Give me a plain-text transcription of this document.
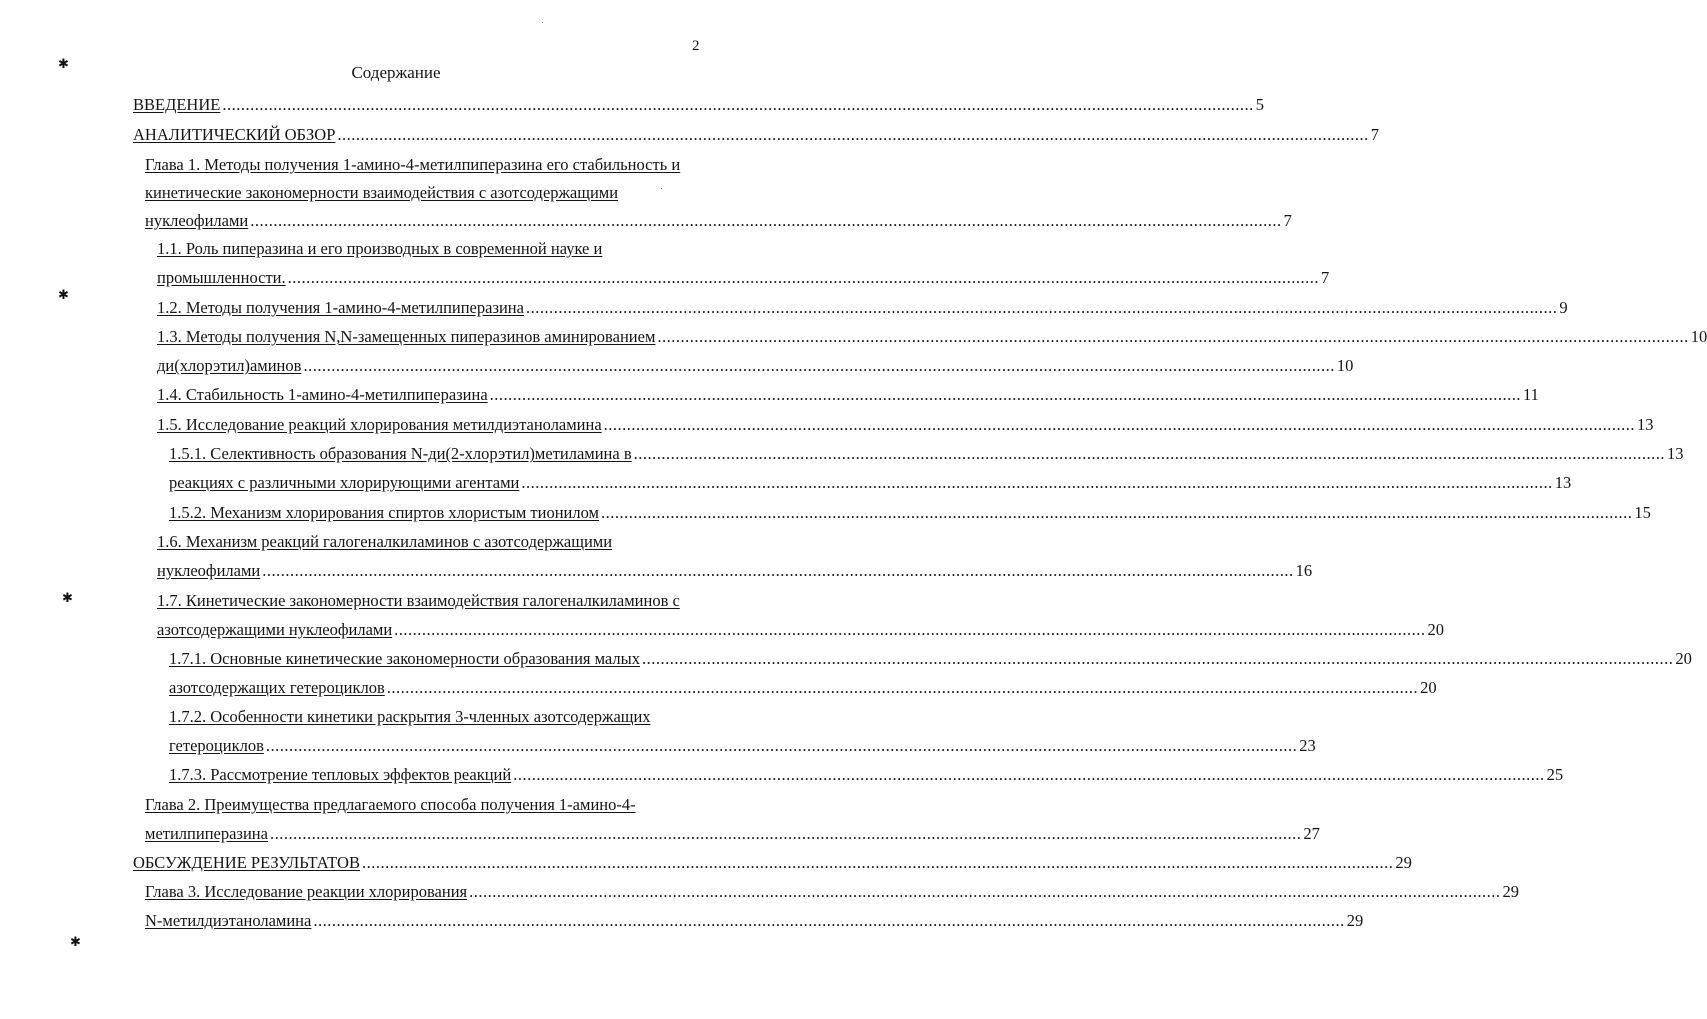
2
Содержание
ВВЕДЕНИЕ ............................................................................................................................................................................................................................... 5
АНАЛИТИЧЕСКИЙ ОБЗОР ............................................................................................................................................................................................................................... 7
Глава 1. Методы получения 1-амино-4-метилпиперазина его стабильность и
кинетические закономерности взаимодействия с азотсодержащими
нуклеофилами ............................................................................................................................................................................................................................... 7
1.1. Роль пиперазина и его производных в современной науке и
промышленности. ............................................................................................................................................................................................................................... 7
1.2. Методы получения 1-амино-4-метилпиперазина ............................................................................................................................................................................................................................... 9
1.3. Методы получения N,N-замещенных пиперазинов аминированием ............................................................................................................................................................................................................................... 10
ди(хлорэтил)аминов ............................................................................................................................................................................................................................... 10
1.4. Стабильность 1-амино-4-метилпиперазина ............................................................................................................................................................................................................................... 11
1.5. Исследование реакций хлорирования метилдиэтаноламина ............................................................................................................................................................................................................................... 13
1.5.1. Селективность образования N-ди(2-хлорэтил)метиламина в ............................................................................................................................................................................................................................... 13
реакциях с различными хлорирующими агентами ............................................................................................................................................................................................................................... 13
1.5.2. Механизм хлорирования спиртов хлористым тионилом ............................................................................................................................................................................................................................... 15
1.6. Механизм реакций галогеналкиламинов с азотсодержащими
нуклеофилами ............................................................................................................................................................................................................................... 16
1.7. Кинетические закономерности взаимодействия галогеналкиламинов с
азотсодержащими нуклеофилами ............................................................................................................................................................................................................................... 20
1.7.1. Основные кинетические закономерности образования малых ............................................................................................................................................................................................................................... 20
азотсодержащих гетероциклов ............................................................................................................................................................................................................................... 20
1.7.2. Особенности кинетики раскрытия 3-членных азотсодержащих
гетероциклов ............................................................................................................................................................................................................................... 23
1.7.3. Рассмотрение тепловых эффектов реакций ............................................................................................................................................................................................................................... 25
Глава 2. Преимущества предлагаемого способа получения 1-амино-4-
метилпиперазина ............................................................................................................................................................................................................................... 27
ОБСУЖДЕНИЕ РЕЗУЛЬТАТОВ ............................................................................................................................................................................................................................... 29
Глава 3. Исследование реакции хлорирования ............................................................................................................................................................................................................................... 29
N-метилдиэтаноламина ............................................................................................................................................................................................................................... 29
✱
✱
✱
✱
